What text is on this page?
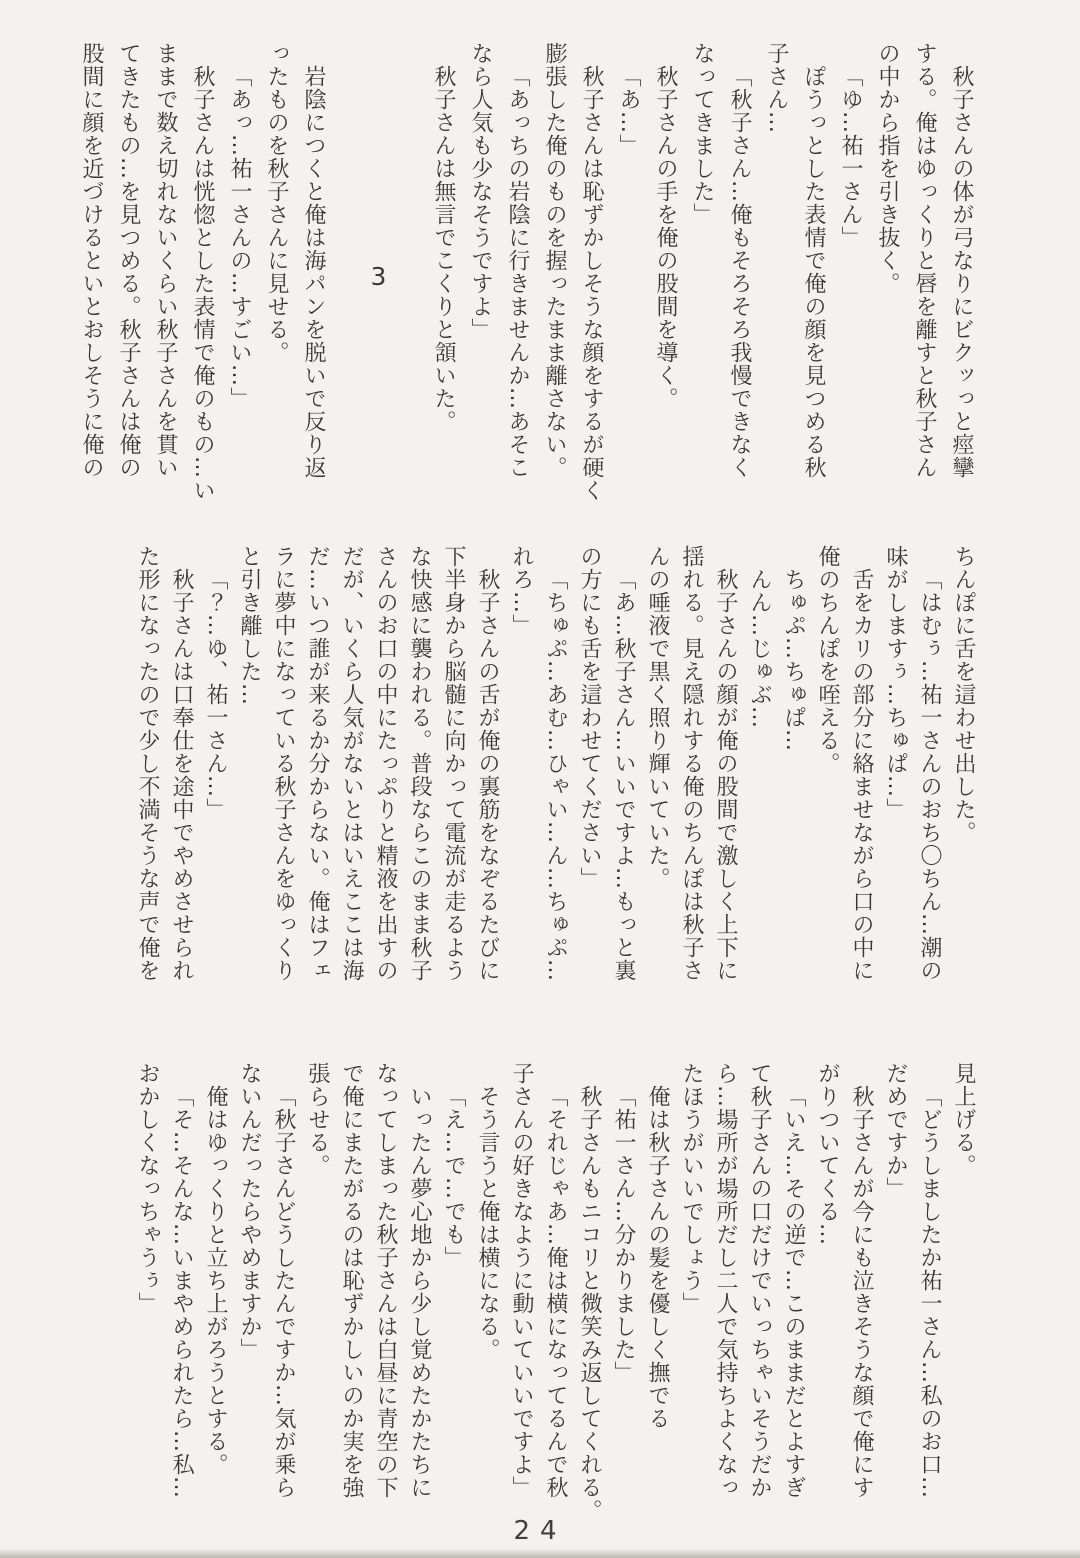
秋子さんの体が弓なりにビクッっと痙攣

する。俺はゆっくりと唇を離すと秋子さん

の中から指を引き抜く。

「ゆ…祐一さん」

ぽうっとした表情で俺の顔を見つめる秋

子さん…

「秋子さん…俺もそろそろ我慢できなく

なってきました」

秋子さんの手を俺の股間を導く。

「あ…」

秋子さんは恥ずかしそうな顔をするが硬く

膨張した俺のものを握ったまま離さない。

「あっちの岩陰に行きませんか…あそこ

なら人気も少なそうですよ」

秋子さんは無言でこくりと頷いた。

3

岩陰につくと俺は海パンを脱いで反り返

ったものを秋子さんに見せる。

「あっ…祐一さんの…すごい…」

秋子さんは恍惚とした表情で俺のもの…い

ままで数え切れないくらい秋子さんを貫い

てきたもの…を見つめる。秋子さんは俺の

股間に顔を近づけるといとおしそうに俺の

ちんぽに舌を這わせ出した。

「はむぅ…祐一さんのおち〇ちん…潮の

味がしますぅ…ちゅぱ…」

舌をカリの部分に絡ませながら口の中に

俺のちんぽを咥える。

ちゅぷ…ちゅぱ…

んん…じゅぶ…

秋子さんの顔が俺の股間で激しく上下に

揺れる。見え隠れする俺のちんぽは秋子さ

んの唾液で黒く照り輝いていた。

「あ…秋子さん…いいですよ…もっと裏

の方にも舌を這わせてください」

「ちゅぷ…あむ…ひゃい…ん…ちゅぷ…

れろ…」

秋子さんの舌が俺の裏筋をなぞるたびに

下半身から脳髄に向かって電流が走るよう

な快感に襲われる。普段ならこのまま秋子

さんのお口の中にたっぷりと精液を出すの

だが、いくら人気がないとはいえここは海

だ…いつ誰が来るか分からない。俺はフェ

ラに夢中になっている秋子さんをゆっくり

と引き離した…

「？…ゆ、祐一さん…」

秋子さんは口奉仕を途中でやめさせられ

た形になったので少し不満そうな声で俺を

見上げる。

「どうしましたか祐一さん…私のお口…

だめですか」

秋子さんが今にも泣きそうな顔で俺にす

がりついてくる…

「いえ…その逆で…このままだとよすぎ

て秋子さんの口だけでいっちゃいそうだか

ら…場所が場所だし二人で気持ちよくなっ

たほうがいいでしょう」

俺は秋子さんの髪を優しく撫でる

「祐一さん…分かりました」

秋子さんもニコリと微笑み返してくれる。

「それじゃあ…俺は横になってるんで秋

子さんの好きなように動いていいですよ」

そう言うと俺は横になる。

「え…で…でも」

いったん夢心地から少し覚めたかたちに

なってしまった秋子さんは白昼に青空の下

で俺にまたがるのは恥ずかしいのか実を強

張らせる。

「秋子さんどうしたんですか…気が乗ら

ないんだったらやめますか」

俺はゆっくりと立ち上がろうとする。

「そ…そんな…いまやめられたら…私…

おかしくなっちゃうぅ」

24
